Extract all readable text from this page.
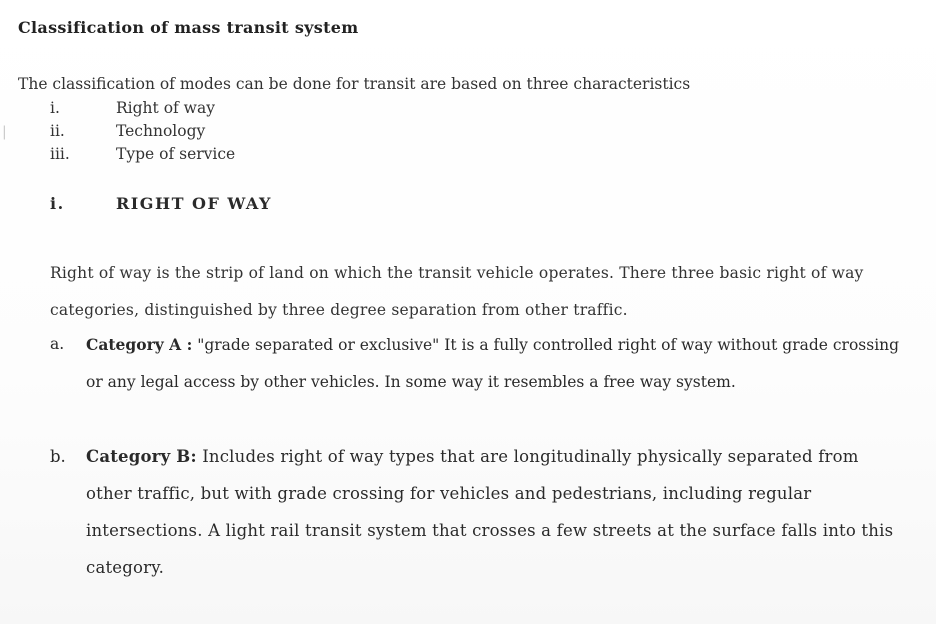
Classification of mass transit system
The classification of modes can be done for transit are based on three characteristics
i.	Right of way
ii.	Technology
iii.	Type of service
i.	RIGHT OF WAY
Right of way is the strip of land on which the transit vehicle operates. There three basic right of way categories, distinguished by three degree separation from other traffic.
a.	Category A : "grade separated or exclusive" It is a fully controlled right of way without grade crossing or any legal access by other vehicles. In some way it resembles a free way system.
b.	Category B: Includes right of way types that are longitudinally physically separated from other traffic, but with grade crossing for vehicles and pedestrians, including regular intersections. A light rail transit system that crosses a few streets at the surface falls into this category.
|
